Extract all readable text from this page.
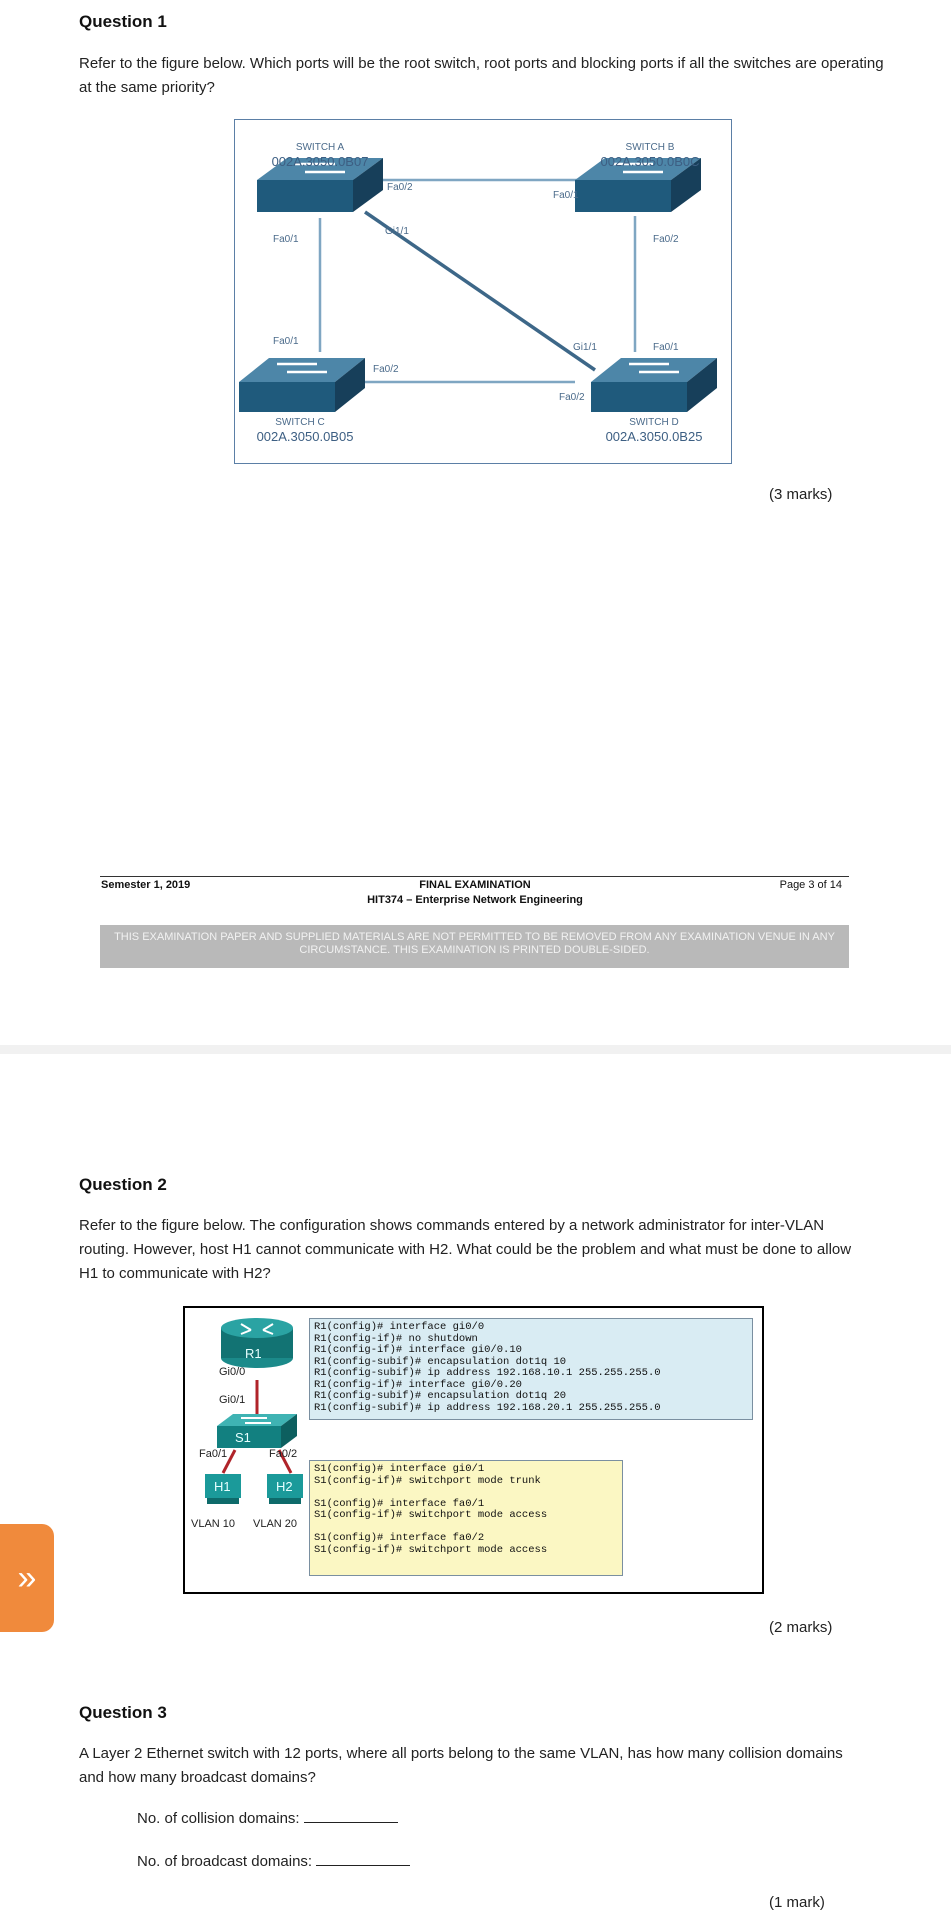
Question 1
Refer to the figure below. Which ports will be the root switch, root ports and blocking ports if all the switches are operating at the same priority?
SWITCH A
002A.3050.0B07
SWITCH B
002A.3050.0B0C
SWITCH C
002A.3050.0B05
SWITCH D
002A.3050.0B25
Fa0/2
Gi1/1
Fa0/1
Fa0/1
Fa0/2
Fa0/1
Fa0/2
Gi1/1	Fa0/1
Fa0/2
(3 marks)
Semester 1, 2019	FINAL EXAMINATION
HIT374 – Enterprise Network Engineering
Page 3 of 14
THIS EXAMINATION PAPER AND SUPPLIED MATERIALS ARE NOT PERMITTED TO BE REMOVED FROM ANY EXAMINATION VENUE IN ANY CIRCUMSTANCE. THIS EXAMINATION IS PRINTED DOUBLE-SIDED.
Question 2
Refer to the figure below. The configuration shows commands entered by a network administrator for inter-VLAN routing. However, host H1 cannot communicate with H2. What could be the problem and what must be done to allow H1 to communicate with H2?
R1
S1
H1	H2
Gi0/0
Gi0/1
Fa0/1	Fa0/2
VLAN 10 VLAN 20
R1(config)# interface gi0/0
R1(config-if)# no shutdown
R1(config-if)# interface gi0/0.10
R1(config-subif)# encapsulation dot1q 10
R1(config-subif)# ip address 192.168.10.1 255.255.255.0
R1(config-if)# interface gi0/0.20
R1(config-subif)# encapsulation dot1q 20
R1(config-subif)# ip address 192.168.20.1 255.255.255.0
S1(config)# interface gi0/1
S1(config-if)# switchport mode trunk

S1(config)# interface fa0/1
S1(config-if)# switchport mode access

S1(config)# interface fa0/2
S1(config-if)# switchport mode access
(2 marks)
Question 3
A Layer 2 Ethernet switch with 12 ports, where all ports belong to the same VLAN, has how many collision domains and how many broadcast domains?
No. of collision domains:
No. of broadcast domains:
(1 mark)
»
